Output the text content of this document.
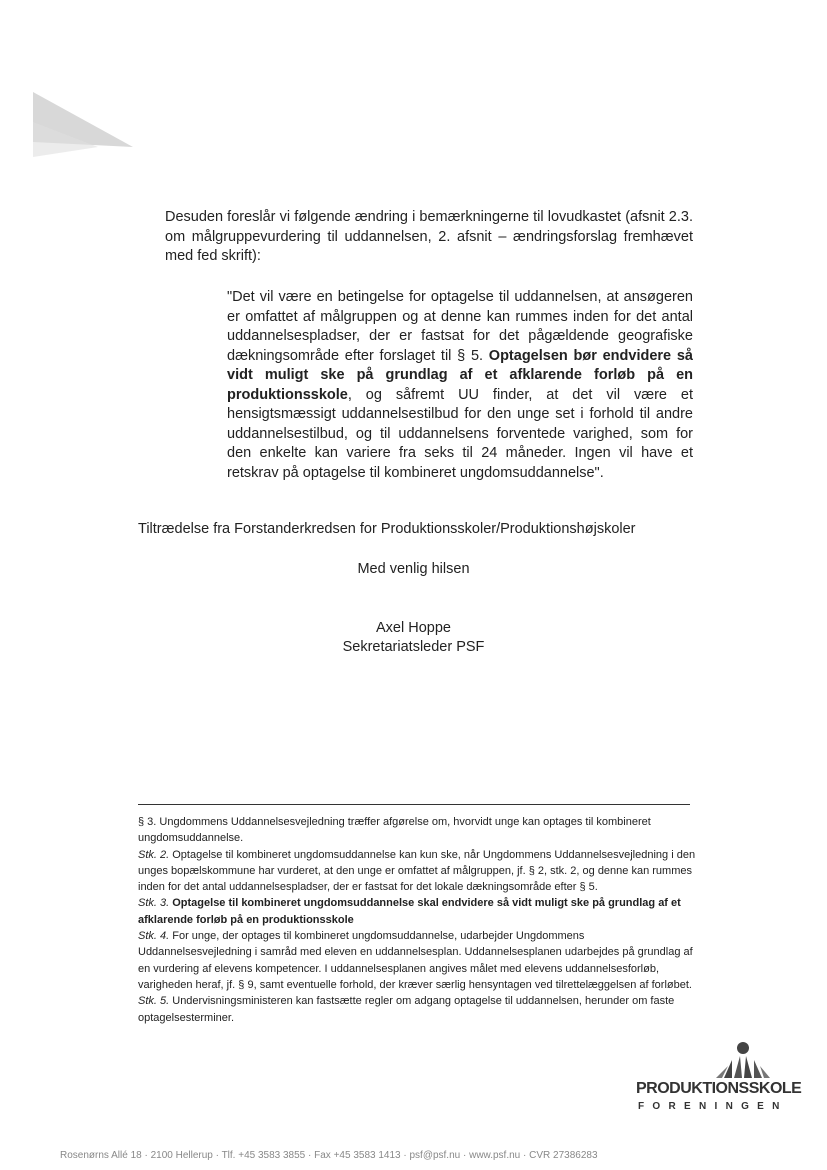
Desuden foreslår vi følgende ændring i bemærkningerne til lovudkastet (afsnit 2.3. om målgruppevurdering til uddannelsen, 2. afsnit – ændringsforslag fremhævet med fed skrift):
"Det vil være en betingelse for optagelse til uddannelsen, at ansøgeren er omfattet af målgruppen og at denne kan rummes inden for det antal uddannelsespladser, der er fastsat for det pågældende geografiske dækningsområde efter forslaget til § 5. Optagelsen bør endvidere så vidt muligt ske på grundlag af et afklarende forløb på en produktionsskole, og såfremt UU finder, at det vil være et hensigtsmæssigt uddannelsestilbud for den unge set i forhold til andre uddannelsestilbud, og til uddannelsens forventede varighed, som for den enkelte kan variere fra seks til 24 måneder. Ingen vil have et retskrav på optagelse til kombineret ungdomsuddannelse".
Tiltrædelse fra Forstanderkredsen for Produktionsskoler/Produktionshøjskoler
Med venlig hilsen
Axel Hoppe
Sekretariatsleder PSF

§ 3. Ungdommens Uddannelsesvejledning træffer afgørelse om, hvorvidt unge kan optages til kombineret ungdomsuddannelse.

Stk. 2. Optagelse til kombineret ungdomsuddannelse kan kun ske, når Ungdommens Uddannelsesvejledning i den unges bopælskommune har vurderet, at den unge er omfattet af målgruppen, jf. § 2, stk. 2, og denne kan rummes inden for det antal uddannelsespladser, der er fastsat for det lokale dækningsområde efter § 5.

Stk. 3. Optagelse til kombineret ungdomsuddannelse skal endvidere så vidt muligt ske på grundlag af et afklarende forløb på en produktionsskole

Stk. 4. For unge, der optages til kombineret ungdomsuddannelse, udarbejder Ungdommens Uddannelsesvejledning i samråd med eleven en uddannelsesplan. Uddannelsesplanen udarbejdes på grundlag af en vurdering af elevens kompetencer. I uddannelsesplanen angives målet med elevens uddannelsesforløb, varigheden heraf, jf. § 9, samt eventuelle forhold, der kræver særlig hensyntagen ved tilrettelæggelsen af forløbet.

Stk. 5. Undervisningsministeren kan fastsætte regler om adgang optagelse til uddannelsen, herunder om faste optagelsesterminer.

PRODUKTIONSSKOLE
FORENINGEN
Rosenørns Allé 18 · 2100 Hellerup · Tlf. +45 3583 3855 · Fax +45 3583 1413 · psf@psf.nu · www.psf.nu · CVR 27386283
